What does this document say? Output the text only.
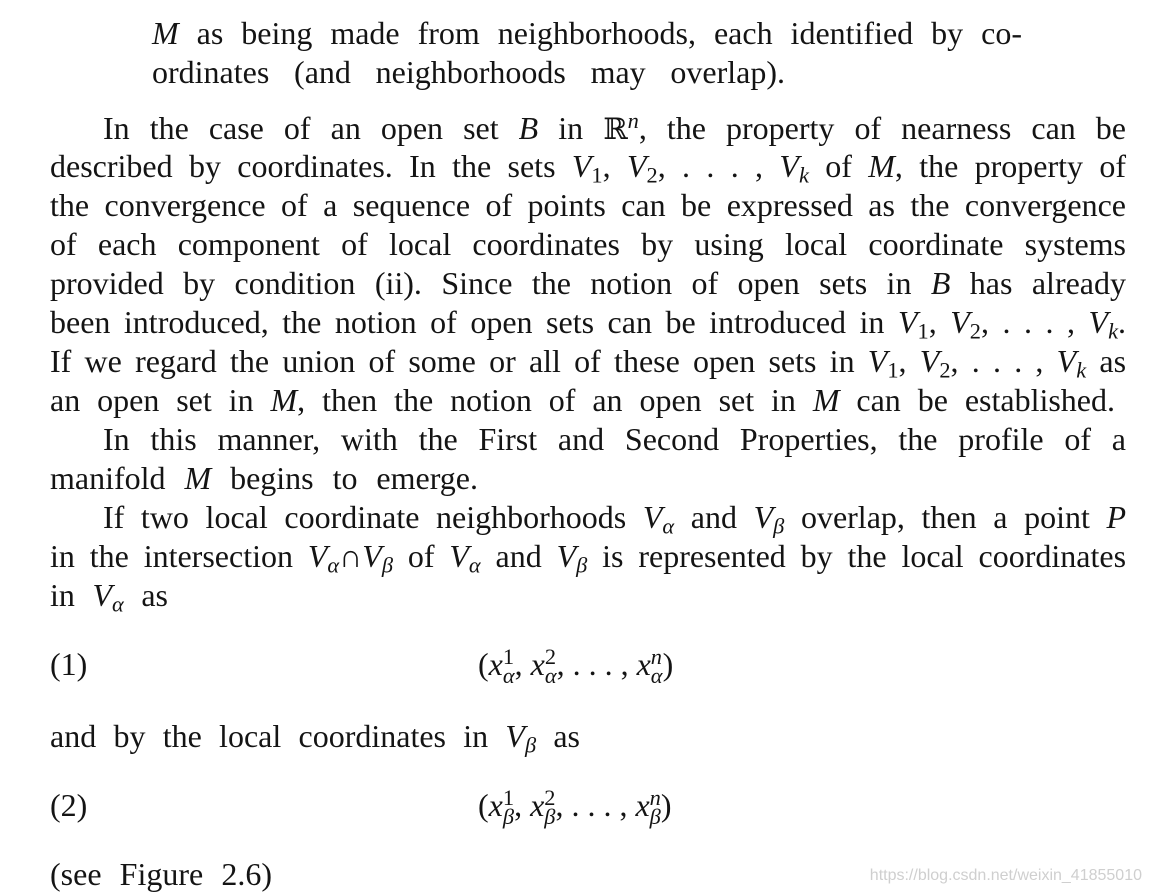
M as being made from neighborhoods, each identified by co-
ordinates (and neighborhoods may overlap).
In the case of an open set B in ℝ$^n$, the property of nearness can be
described by coordinates. In the sets V1, V2, . . . , Vk of M, the property of
the convergence of a sequence of points can be expressed as the convergence
of each component of local coordinates by using local coordinate systems
provided by condition (ii). Since the notion of open sets in B has already
been introduced, the notion of open sets can be introduced in V1, V2, . . . , Vk.
If we regard the union of some or all of these open sets in V1, V2, . . . , Vk as
an open set in M, then the notion of an open set in M can be established.
In this manner, with the First and Second Properties, the profile of a
manifold M begins to emerge.
If two local coordinate neighborhoods Vα and Vβ overlap, then a point P
in the intersection Vα∩Vβ of Vα and Vβ is represented by the local coordinates
in Vα as
(1)	(x 1
α , x 2
α , . . . , x n
α )
and by the local coordinates in Vβ as
(2)	(x 1
β , x 2
β , . . . , x n
β )
(see Figure 2.6)	https://blog.csdn.net/weixin_41855010
